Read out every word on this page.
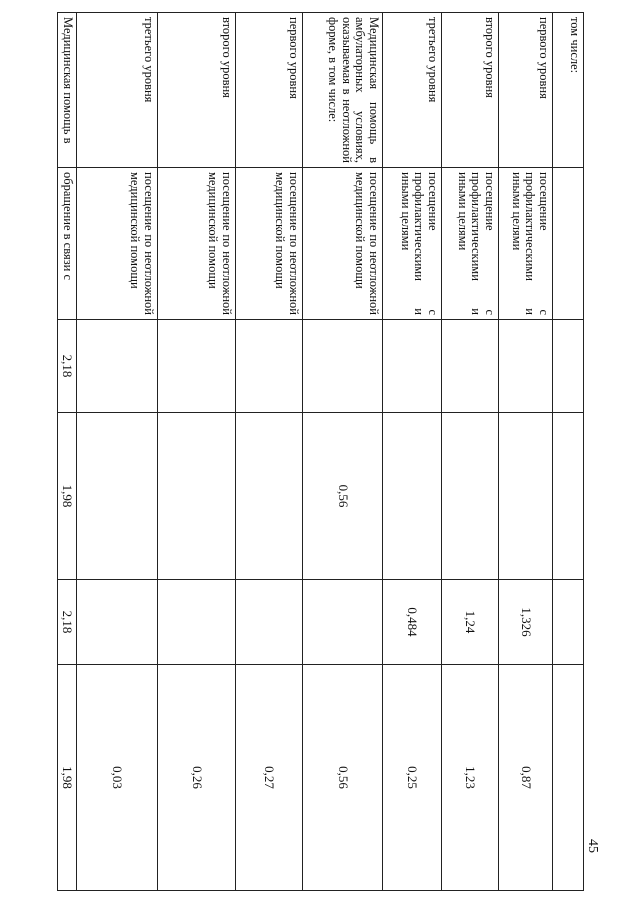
45
том числе:					
первого уровня	посещение с профилактическими и иными целями			1,326	0,87
второго уровня	посещение с профилактическими и иными целями			1,24	1,23
третьего уровня	посещение с профилактическими и иными целями			0,484	0,25
Медицинская помощь в амбулаторных условиях, оказываемая в неотложной форме, в том числе:	посещение по неотложной медицинской помощи		0,56		0,56
первого уровня	посещение по неотложной медицинской помощи				0,27
второго уровня	посещение по неотложной медицинской помощи				0,26
третьего уровня	посещение по неотложной медицинской помощи				0,03
Медицинская помощь в	обращение в связи с	2,18	1,98	2,18	1,98
